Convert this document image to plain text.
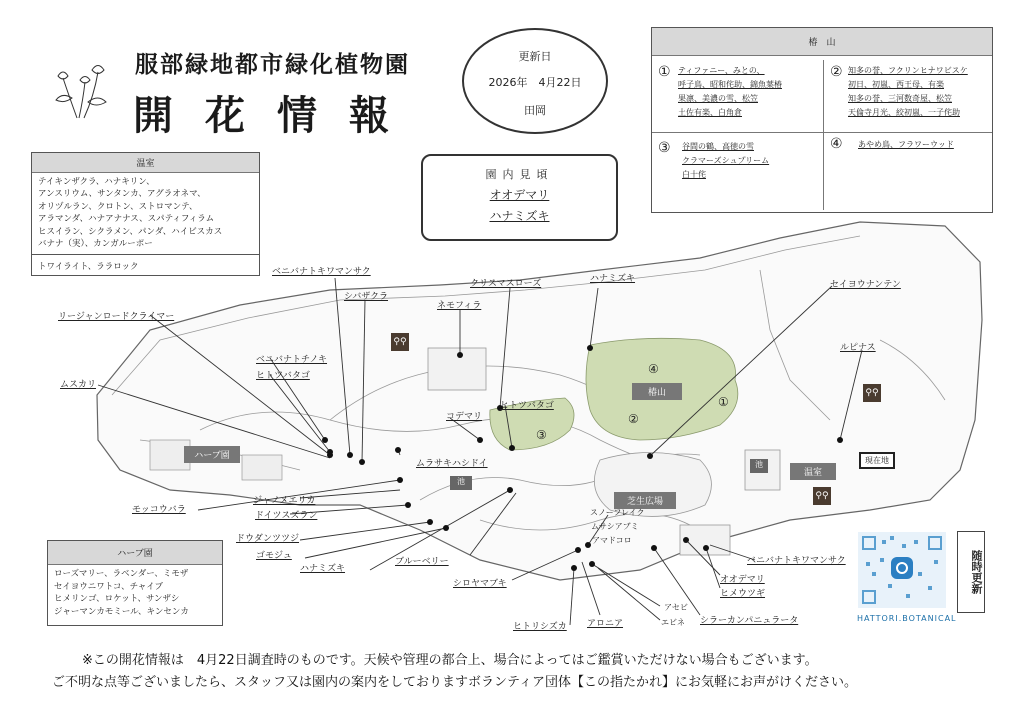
服部緑地都市緑化植物園
開花情報
更新日
2026年　4月22日
田岡
園内見頃
オオデマリ
ハナミズキ
温室
テイキンザクラ、ハナキリン、
アンスリウム、サンタンカ、アグラオネマ、
オリヅルラン、クロトン、ストロマンテ、
アラマンダ、ハナアナナス、スパティフィラム
ヒスイラン、シクラメン、パンダ、ハイビスカス
バナナ（実）、カンガルーポー
トワイライト、ララロック
ハーブ園
ローズマリー、ラベンダー、ミモザ
セイヨウニワトコ、チャイブ
ヒメリンゴ、ロケット、サンザシ
ジャーマンカモミール、キンセンカ
椿　山
① ティファニー、みとの、
呼子鳥、昭和侘助、錦魚葉椿
果凛、美濃の雪、松笠
土佐有楽、白角倉
② 知多の誉、フクリンヒナワビスケ
初日、初嵐、西王母、有楽
知多の誉、三河数奇屋、松笠
天倫寺月光、絞初嵐、一子侘助
③ 谷間の鶴、高徳の雪
クラマーズシュプリーム
白十侘
④ あやめ鳥、フラワーウッド
④
①
②
③
ハーブ園
椿山
芝生広場
温室
池
池	現在地
⚲⚲
⚲⚲
⚲⚲
ベニバナトキワマンサク
シバザクラ
ネモフィラ
クリスマスローズ	ハナミズキ
セイヨウナンテン
ルピナス
リージャンロードクライマー
ベニバナトチノキ
ヒトツバタゴ
ムスカリ
コデマリ
ヒトツバタゴ
ムラサキハシドイ
モッコウバラ
ジャノメエリカ
ドイツスズラン
ドウダンツツジ
ゴモジュ
ハナミズキ
ブルーベリー
スノーフレイク
ムサシアブミ
アマドコロ
シロヤマブキ
ヒトリシズカ アロニア
アセビ
エビネ シラーカンパニュラータ
オオデマリ
ヒメウツギ
ベニバナトキワマンサク
HATTORI.BOTANICAL
随時更新
※この開花情報は　4月22日調査時のものです。天候や管理の都合上、場合によってはご鑑賞いただけない場合もございます。
ご不明な点等ございましたら、スタッフ又は園内の案内をしておりますボランティア団体【この指たかれ】にお気軽にお声がけください。
